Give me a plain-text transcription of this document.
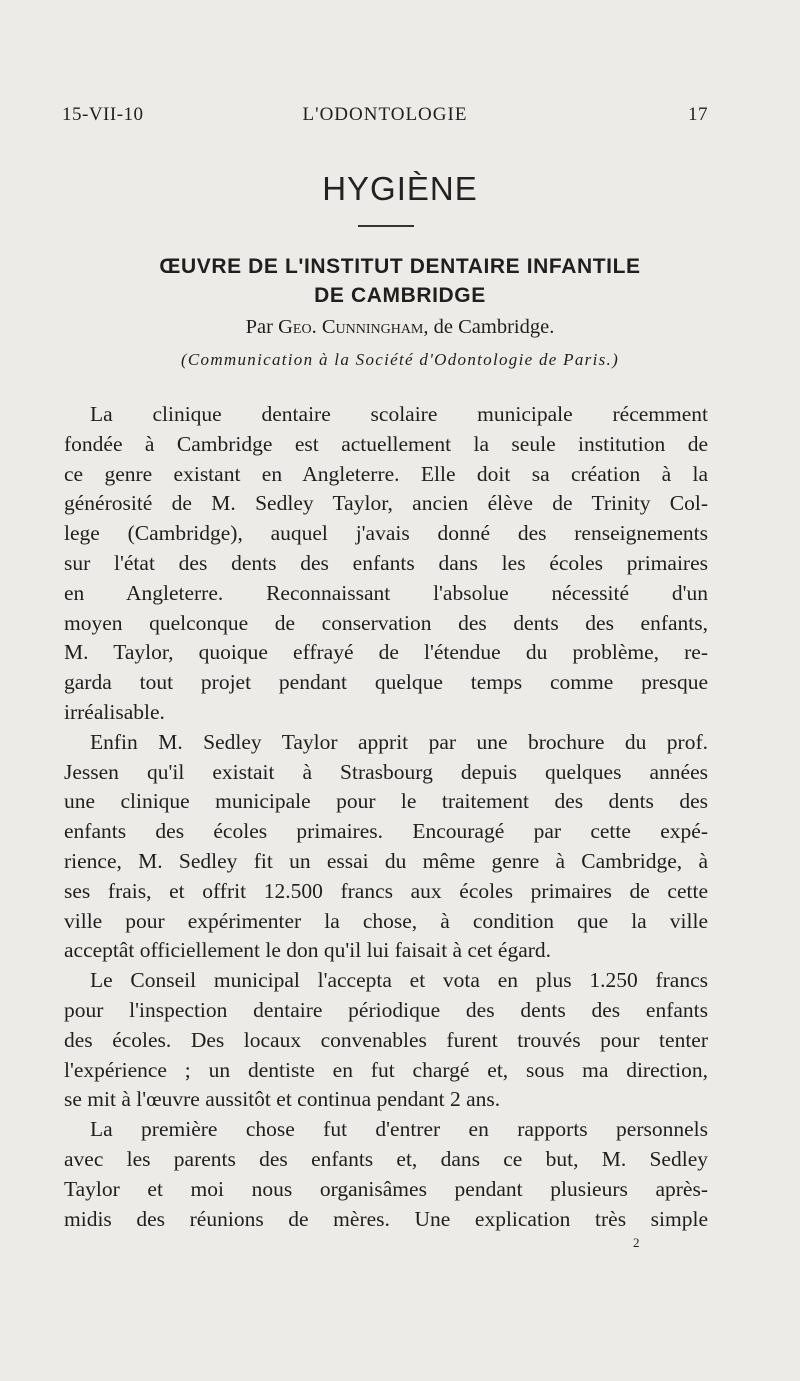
15-VII-10	L'ODONTOLOGIE	17
HYGIÈNE
ŒUVRE DE L'INSTITUT DENTAIRE INFANTILE
DE CAMBRIDGE
Par Geo. Cunningham, de Cambridge.
(Communication à la Société d'Odontologie de Paris.)
La clinique dentaire scolaire municipale récemment
fondée à Cambridge est actuellement la seule institution de
ce genre existant en Angleterre. Elle doit sa création à la
générosité de M. Sedley Taylor, ancien élève de Trinity Col-
lege (Cambridge), auquel j'avais donné des renseignements
sur l'état des dents des enfants dans les écoles primaires
en Angleterre. Reconnaissant l'absolue nécessité d'un
moyen quelconque de conservation des dents des enfants,
M. Taylor, quoique effrayé de l'étendue du problème, re-
garda tout projet pendant quelque temps comme presque
irréalisable.
Enfin M. Sedley Taylor apprit par une brochure du prof.
Jessen qu'il existait à Strasbourg depuis quelques années
une clinique municipale pour le traitement des dents des
enfants des écoles primaires. Encouragé par cette expé-
rience, M. Sedley fit un essai du même genre à Cambridge, à
ses frais, et offrit 12.500 francs aux écoles primaires de cette
ville pour expérimenter la chose, à condition que la ville
acceptât officiellement le don qu'il lui faisait à cet égard.
Le Conseil municipal l'accepta et vota en plus 1.250 francs
pour l'inspection dentaire périodique des dents des enfants
des écoles. Des locaux convenables furent trouvés pour tenter
l'expérience ; un dentiste en fut chargé et, sous ma direction,
se mit à l'œuvre aussitôt et continua pendant 2 ans.
La première chose fut d'entrer en rapports personnels
avec les parents des enfants et, dans ce but, M. Sedley
Taylor et moi nous organisâmes pendant plusieurs après-
midis des réunions de mères. Une explication très simple
2
